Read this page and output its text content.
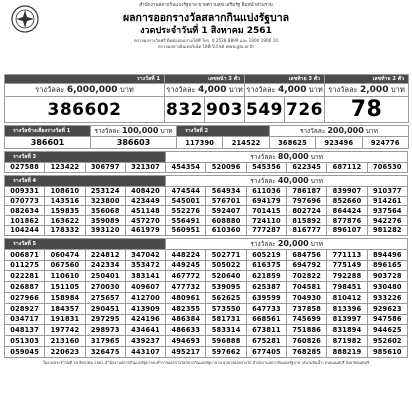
สำนักงานสลากกินแบ่งรัฐบาล ขายความสุข เสริมรัฐ อิ่มหนำส่วนรวม
ผลการออกรางวัลสลากกินแบ่งรัฐบาล
งวดประจำวันที่ 1 สิงหาคม 2561
ตรวจผลรางวัลฟรี ติดต่อสอบถามได้ที่ โทร. 0 2528 8899 และ 1900 1900 10
ตรวจผลทางอินเทอร์เน็ต ได้ที่เว็บไซต์ www.glo.or.th
รางวัลที่ 1	เลขหน้า 3 ตัว		เลขท้าย 3 ตัว		เลขท้าย 2 ตัว
รางวัลละ 6,000,000 บาท	รางวัลละ 4,000 บาท		รางวัลละ 4,000 บาท		รางวัลละ 2,000 บาท
386602	832	903	549	726	78
รางวัลข้างเคียงรางวัลที่ 1	รางวัลละ 100,000 บาท	รางวัลที่ 2		รางวัลละ 200,000 บาท		
386601	386603	117390	214522	368625	923496	924776
รางวัลที่ 3				รางวัลละ 80,000 บาท					
027588	123422	306797	321307	454354	520096	545356	622345	687112	706530
รางวัลที่ 4				รางวัลละ 40,000 บาท					
009331	108610	253124	408420	474544	564934	611036	786187	839907	910377
070773	143516	323800	423449	545001	576701	694179	797696	852660	914261
082634	159835	356068	451148	552276	592407	701415	802724	864424	937564
101862	163622	359089	457270	556491	608880	724110	815892	877876	942276
104244	178332	393120	461979	560951	610360	777287	816777	896107	981282
รางวัลที่ 5				รางวัลละ 20,000 บาท					
006871	060474	224812	347042	448224	502771	605219	684756	771113	894496
011275	067560	242334	353472	449245	505022	616375	694792	775149	896165
022281	110610	250401	383141	467772	520640	621859	702822	792288	903728
026887	151105	270030	409607	477732	539095	625387	704581	798451	930480
027966	158984	275657	412700	480961	562625	639599	704930	810412	933226
028927	184357	290451	413909	482355	573550	647733	737858	813396	929623
034717	191831	297295	424196	486384	581731	668561	745699	813997	947586
048137	197742	298973	434641	486633	583314	673811	751886	831894	944625
051303	213160	317965	439237	494693	596888	675281	760826	871982	952602
059045	220623	326475	443107	495217	597662	677405	768285	888219	985610
ในงวดประจำวันที่ 16 สิงหาคม 2561 สำนักงานสลากกินแบ่งรัฐบาลจะทำการออกรางวัลสลากกินแบ่งรัฐบาล ณ อาคารออกรางวัล สำนักงานสลากกินแบ่งรัฐบาล (สนามบินน้ำ) ถนนนนทบุรี จังหวัดนนทบุรี
